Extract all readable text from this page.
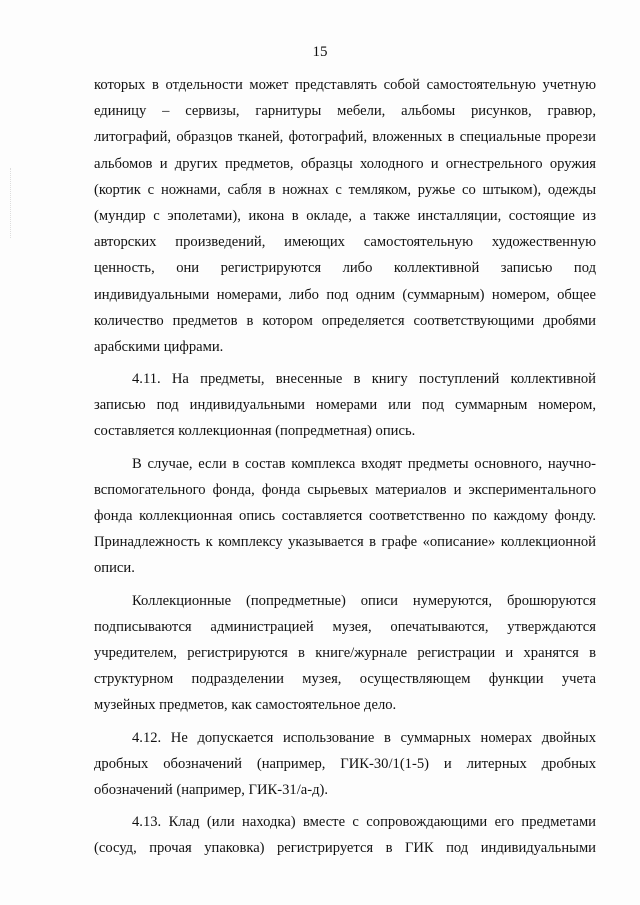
15
которых в отдельности может представлять собой самостоятельную учетную
единицу – сервизы, гарнитуры мебели, альбомы рисунков, гравюр,
литографий, образцов тканей, фотографий, вложенных в специальные прорези
альбомов и других предметов, образцы холодного и огнестрельного оружия
(кортик с ножнами, сабля в ножнах с темляком, ружье со штыком), одежды
(мундир с эполетами), икона в окладе, а также инсталляции, состоящие из
авторских произведений, имеющих самостоятельную художественную
ценность, они регистрируются либо коллективной записью под
индивидуальными номерами, либо под одним (суммарным) номером, общее
количество предметов в котором определяется соответствующими дробями
арабскими цифрами.
4.11. На предметы, внесенные в книгу поступлений коллективной
записью под индивидуальными номерами или под суммарным номером,
составляется коллекционная (попредметная) опись.
В случае, если в состав комплекса входят предметы основного, научно-
вспомогательного фонда, фонда сырьевых материалов и экспериментального
фонда коллекционная опись составляется соответственно по каждому фонду.
Принадлежность к комплексу указывается в графе «описание» коллекционной
описи.
Коллекционные (попредметные) описи нумеруются, брошюруются
подписываются администрацией музея, опечатываются, утверждаются
учредителем, регистрируются в книге/журнале регистрации и хранятся в
структурном подразделении музея, осуществляющем функции учета
музейных предметов, как самостоятельное дело.
4.12. Не допускается использование в суммарных номерах двойных
дробных обозначений (например, ГИК-30/1(1-5) и литерных дробных
обозначений (например, ГИК-31/а-д).
4.13. Клад (или находка) вместе с сопровождающими его предметами
(сосуд, прочая упаковка) регистрируется в ГИК под индивидуальными
